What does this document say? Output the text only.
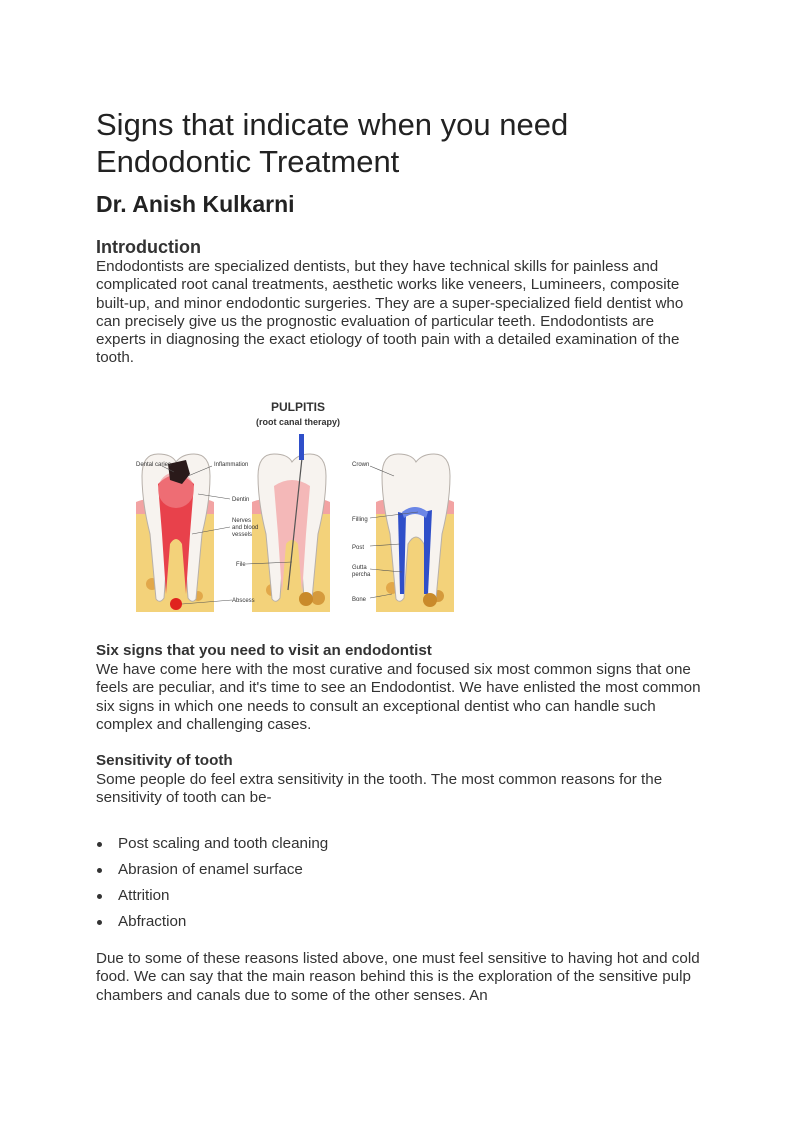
Signs that indicate when you need Endodontic Treatment
Dr. Anish Kulkarni
Introduction

Endodontists are specialized dentists, but they have technical skills for painless and complicated root canal treatments, aesthetic works like veneers, Lumineers, composite built-up, and minor endodontic surgeries. They are a super-specialized field dentist who can precisely give us the prognostic evaluation of particular teeth. Endodontists are experts in diagnosing the exact etiology of tooth pain with a detailed examination of the tooth.

PULPITIS
(root canal therapy)
Dental caries	Inflammation
Dentin
Nerves
and blood
vessels
File
Abscess
Crown
Filling
Post
Gutta
percha
Bone
Six signs that you need to visit an endodontist

We have come here with the most curative and focused six most common signs that one feels are peculiar, and it's time to see an Endodontist. We have enlisted the most common six signs in which one needs to consult an exceptional dentist who can handle such complex and challenging cases.

Sensitivity of tooth

Some people do feel extra sensitivity in the tooth. The most common reasons for the sensitivity of tooth can be-

Post scaling and tooth cleaning
Abrasion of enamel surface
Attrition
Abfraction

Due to some of these reasons listed above, one must feel sensitive to having hot and cold food. We can say that the main reason behind this is the exploration of the sensitive pulp chambers and canals due to some of the other senses. An
